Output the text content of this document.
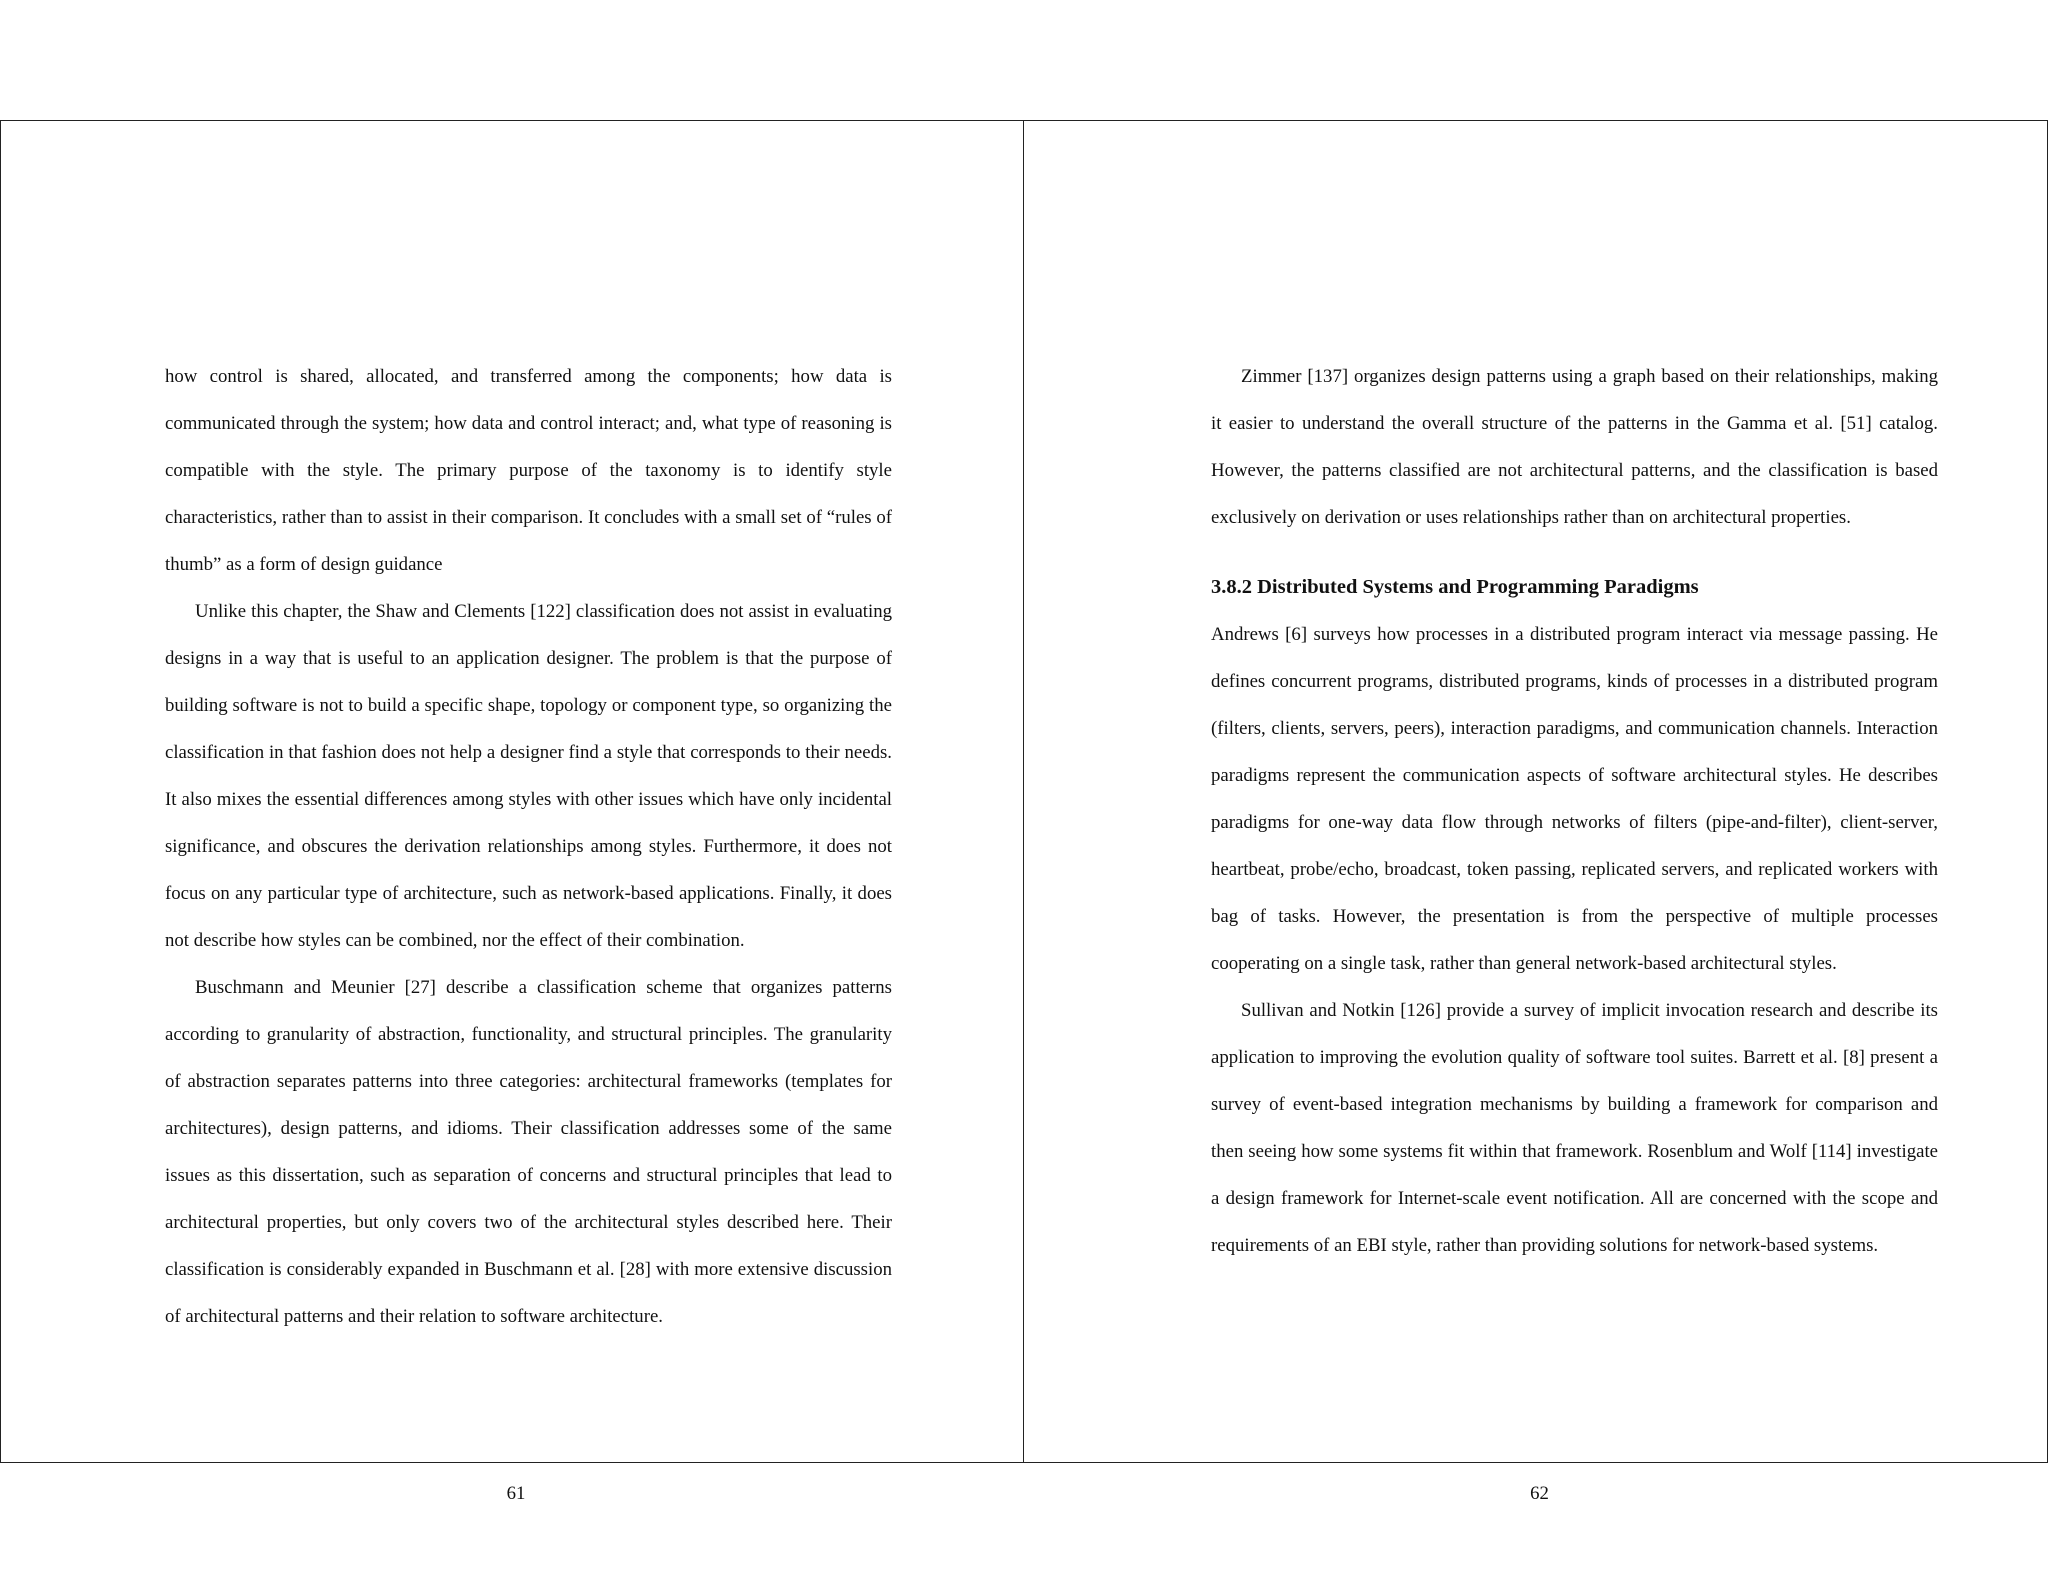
how control is shared, allocated, and transferred among the components; how data is communicated through the system; how data and control interact; and, what type of reasoning is compatible with the style. The primary purpose of the taxonomy is to identify style characteristics, rather than to assist in their comparison. It concludes with a small set of “rules of thumb” as a form of design guidance

Unlike this chapter, the Shaw and Clements [122] classification does not assist in evaluating designs in a way that is useful to an application designer. The problem is that the purpose of building software is not to build a specific shape, topology or component type, so organizing the classification in that fashion does not help a designer find a style that corresponds to their needs. It also mixes the essential differences among styles with other issues which have only incidental significance, and obscures the derivation relationships among styles. Furthermore, it does not focus on any particular type of architecture, such as network-based applications. Finally, it does not describe how styles can be combined, nor the effect of their combination.

Buschmann and Meunier [27] describe a classification scheme that organizes patterns according to granularity of abstraction, functionality, and structural principles. The granularity of abstraction separates patterns into three categories: architectural frameworks (templates for architectures), design patterns, and idioms. Their classification addresses some of the same issues as this dissertation, such as separation of concerns and structural principles that lead to architectural properties, but only covers two of the architectural styles described here. Their classification is considerably expanded in Buschmann et al. [28] with more extensive discussion of architectural patterns and their relation to software architecture.

61

Zimmer [137] organizes design patterns using a graph based on their relationships, making it easier to understand the overall structure of the patterns in the Gamma et al. [51] catalog. However, the patterns classified are not architectural patterns, and the classification is based exclusively on derivation or uses relationships rather than on architectural properties.

3.8.2 Distributed Systems and Programming Paradigms

Andrews [6] surveys how processes in a distributed program interact via message passing. He defines concurrent programs, distributed programs, kinds of processes in a distributed program (filters, clients, servers, peers), interaction paradigms, and communication channels. Interaction paradigms represent the communication aspects of software architectural styles. He describes paradigms for one-way data flow through networks of filters (pipe-and-filter), client-server, heartbeat, probe/echo, broadcast, token passing, replicated servers, and replicated workers with bag of tasks. However, the presentation is from the perspective of multiple processes cooperating on a single task, rather than general network-based architectural styles.

Sullivan and Notkin [126] provide a survey of implicit invocation research and describe its application to improving the evolution quality of software tool suites. Barrett et al. [8] present a survey of event-based integration mechanisms by building a framework for comparison and then seeing how some systems fit within that framework. Rosenblum and Wolf [114] investigate a design framework for Internet-scale event notification. All are concerned with the scope and requirements of an EBI style, rather than providing solutions for network-based systems.

62
